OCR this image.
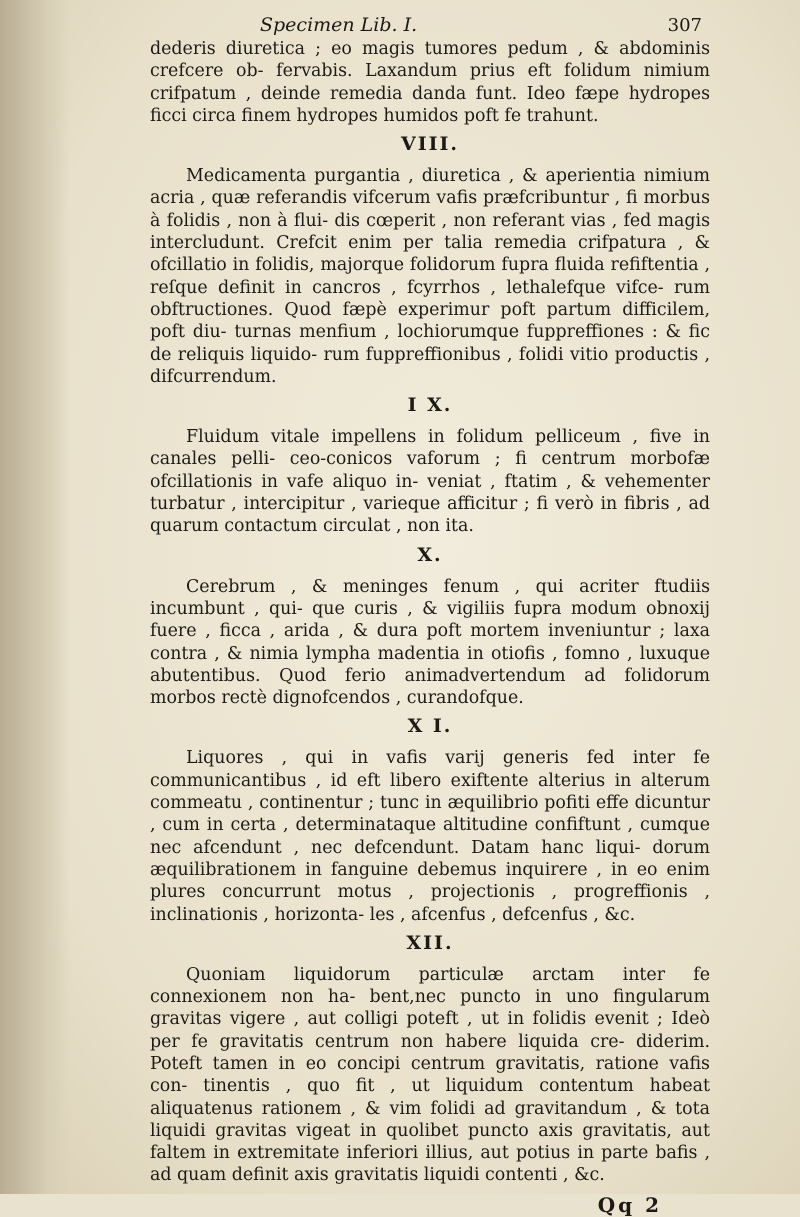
Specimen Lib. I.	307

dederis diuretica ; eo magis tumores pedum , & abdominis crefcere ob- fervabis. Laxandum prius eft folidum nimium crifpatum , deinde remedia danda funt. Ideo fæpe hydropes ficci circa finem hydropes humidos poft fe trahunt.

VIII.

Medicamenta purgantia , diuretica , & aperientia nimium acria , quæ referandis vifcerum vafis præfcribuntur , fi morbus à folidis , non à flui- dis cœperit , non referant vias , fed magis intercludunt. Crefcit enim per talia remedia crifpatura , & ofcillatio in folidis, majorque folidorum fupra fluida refiftentia , reſque definit in cancros , fcyrrhos , lethalefque vifce- rum obftructiones. Quod fæpè experimur poft partum difficilem, poft diu- turnas menfium , lochiorumque fuppreffiones : & fic de reliquis liquido- rum fuppreffionibus , folidi vitio productis , difcurrendum.

I X.

Fluidum vitale impellens in folidum pelliceum , five in canales pelli- ceo-conicos vaforum ; fi centrum morbofæ ofcillationis in vafe aliquo in- veniat , ftatim , & vehementer turbatur , intercipitur , varieque afficitur ; fi verò in fibris , ad quarum contactum circulat , non ita.

X.

Cerebrum , & meninges fenum , qui acriter ftudiis incumbunt , qui- que curis , & vigiliis fupra modum obnoxij fuere , ficca , arida , & dura poft mortem inveniuntur ; laxa contra , & nimia lympha madentia in otiofis , fomno , luxuque abutentibus. Quod ferio animadvertendum ad folidorum morbos rectè dignofcendos , curandofque.

X I.

Liquores , qui in vafis varij generis fed inter fe communicantibus , id eft libero exiftente alterius in alterum commeatu , continentur ; tunc in æquilibrio pofiti effe dicuntur , cum in certa , determinataque altitudine confiftunt , cumque nec afcendunt , nec defcendunt. Datam hanc liqui- dorum æquilibrationem in fanguine debemus inquirere , in eo enim plures concurrunt motus , projectionis , progreffionis , inclinationis , horizonta- les , afcenfus , defcenfus , &c.

XII.

Quoniam liquidorum particulæ arctam inter fe connexionem non ha- bent,nec puncto in uno fingularum gravitas vigere , aut colligi poteft , ut in folidis evenit ; Ideò per fe gravitatis centrum non habere liquida cre- diderim. Poteft tamen in eo concipi centrum gravitatis, ratione vafis con- tinentis , quo fit , ut liquidum contentum habeat aliquatenus rationem , & vim folidi ad gravitandum , & tota liquidi gravitas vigeat in quolibet puncto axis gravitatis, aut faltem in extremitate inferiori illius, aut potius in parte bafis , ad quam definit axis gravitatis liquidi contenti , &c.

Qq 2
